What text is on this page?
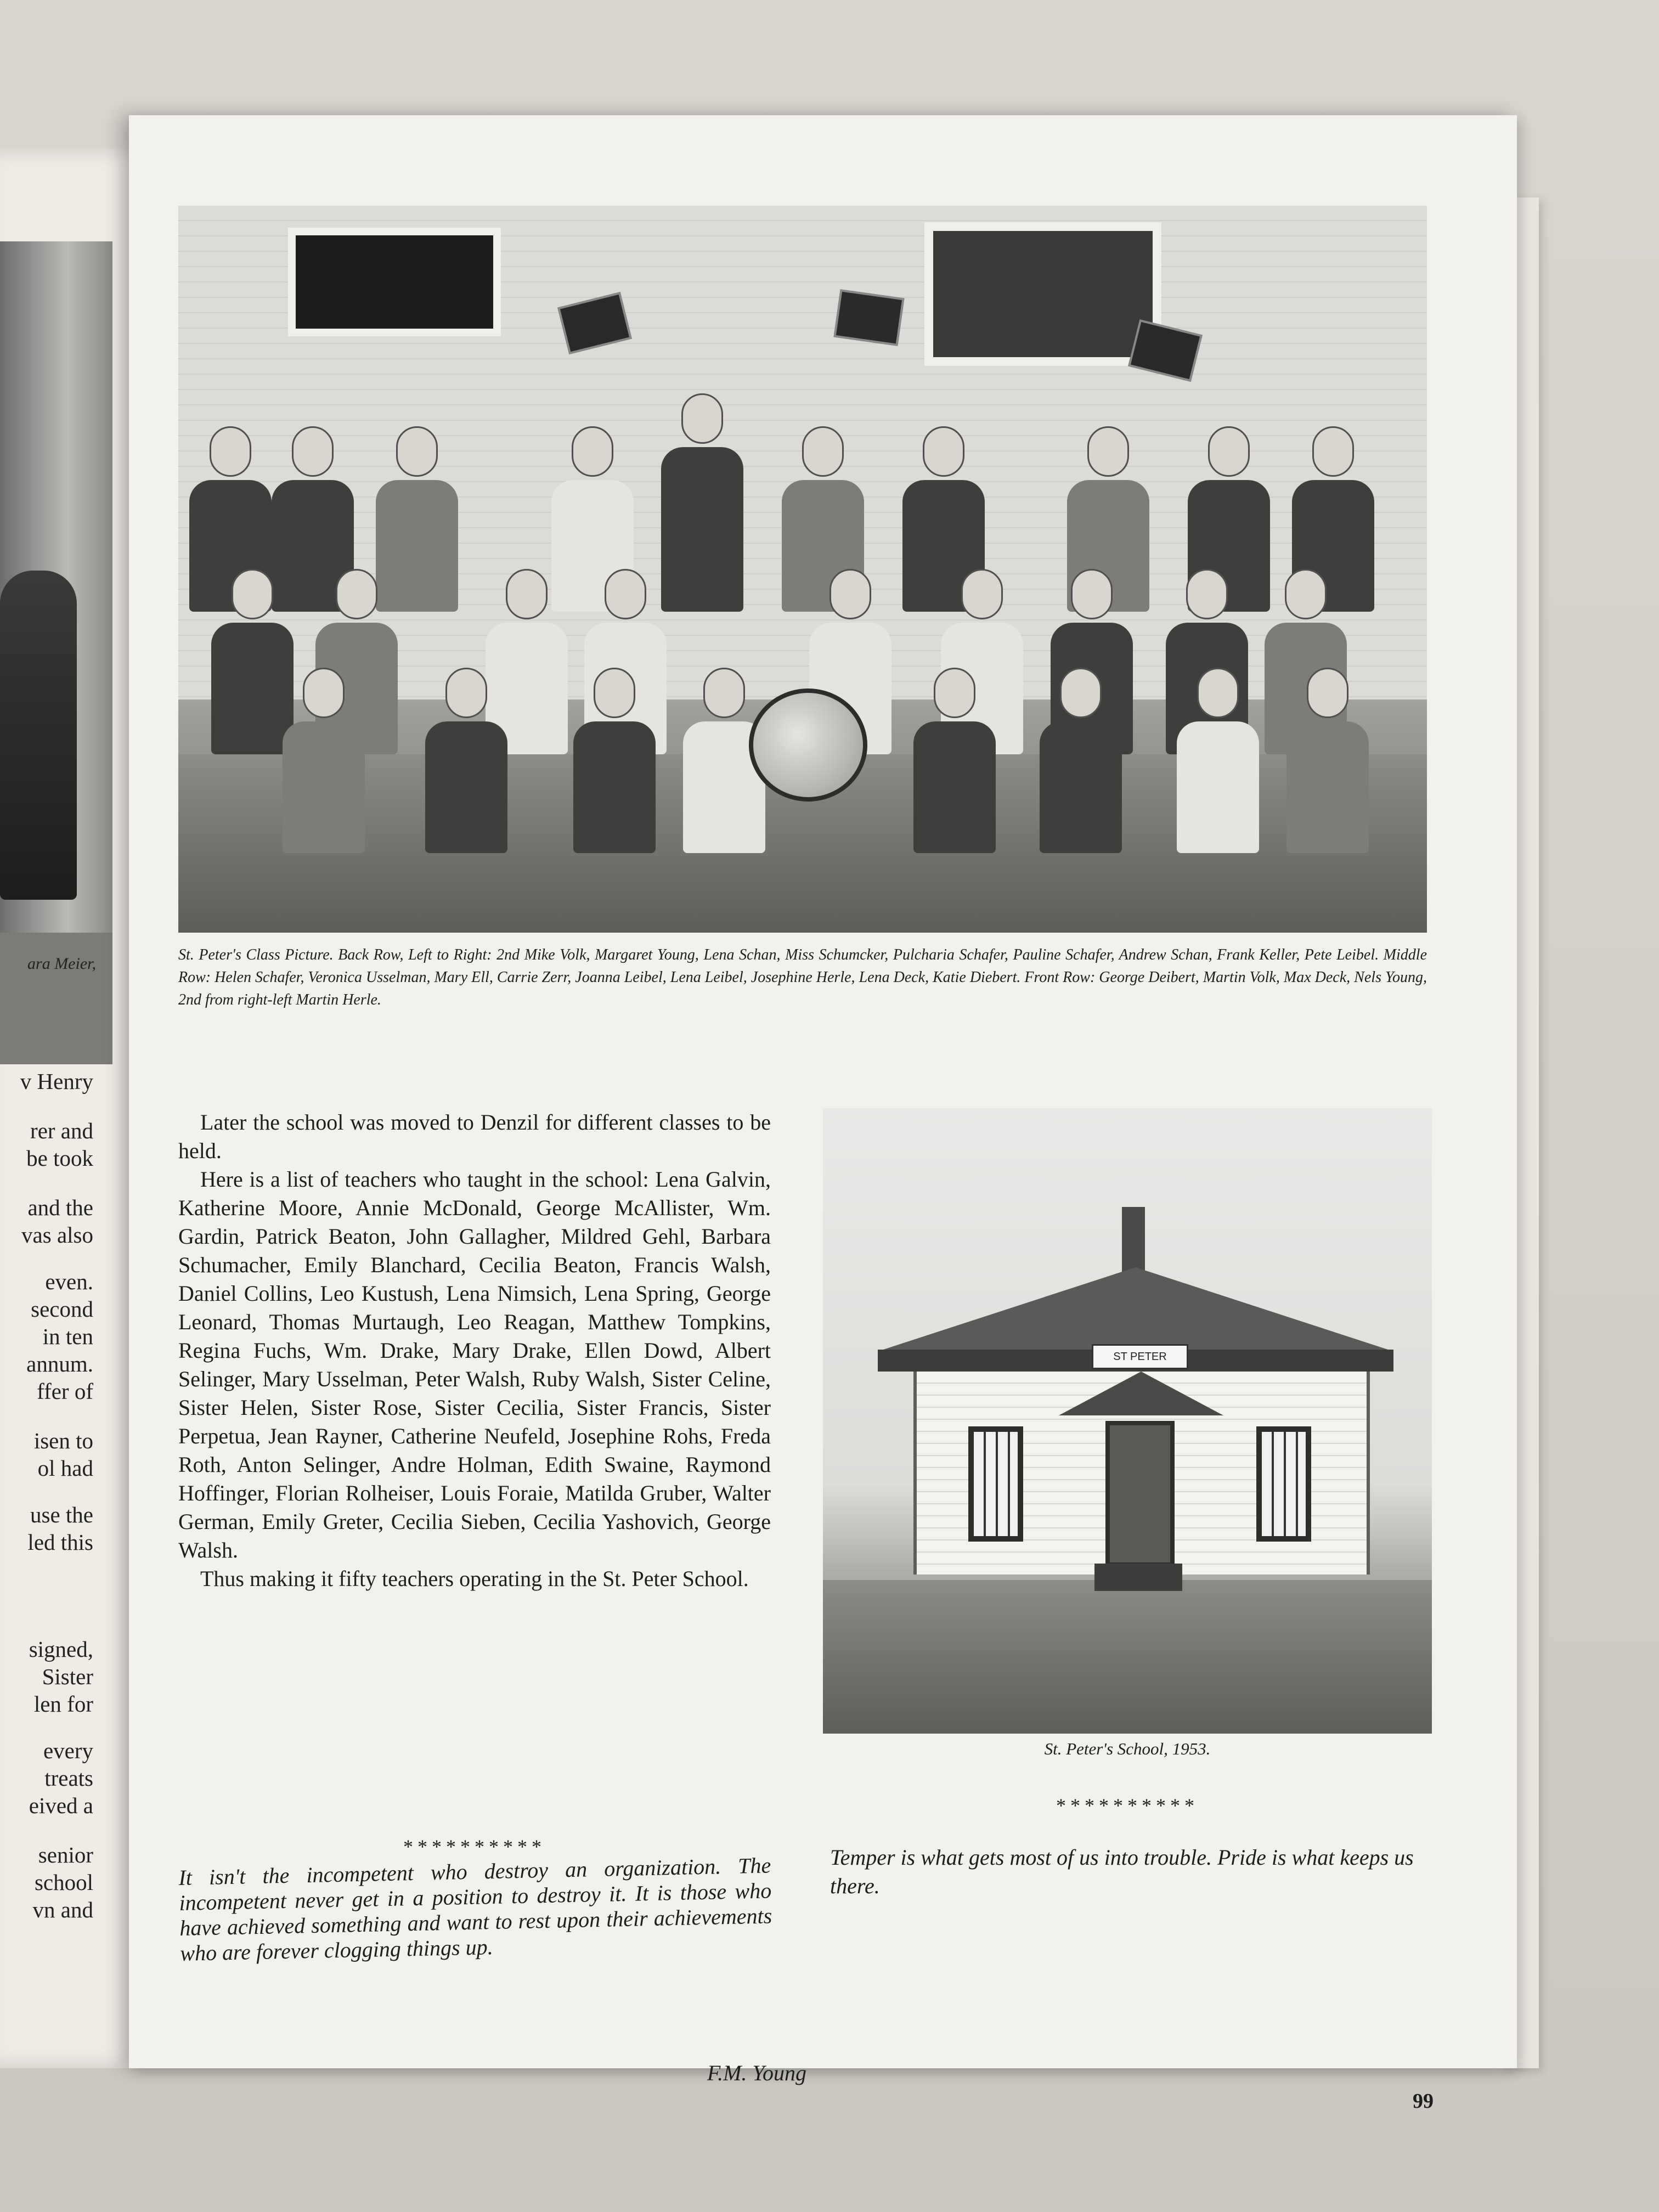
ara Meier,
v Henry
rer and
be took
and the
vas also
even.
second
in ten
annum.
ffer of
isen to
ol had
use the
led this
signed,
Sister
len for
every
treats
eived a
senior
school
vn and
St. Peter's Class Picture. Back Row, Left to Right: 2nd Mike Volk, Margaret Young, Lena Schan, Miss Schumcker, Pulcharia Schafer, Pauline Schafer, Andrew Schan, Frank Keller, Pete Leibel. Middle Row: Helen Schafer, Veronica Usselman, Mary Ell, Carrie Zerr, Joanna Leibel, Lena Leibel, Josephine Herle, Lena Deck, Katie Diebert. Front Row: George Deibert, Martin Volk, Max Deck, Nels Young, 2nd from right-left Martin Herle.

Later the school was moved to Denzil for different classes to be held.

Here is a list of teachers who taught in the school: Lena Galvin, Katherine Moore, Annie McDonald, George McAllister, Wm. Gardin, Patrick Beaton, John Gallagher, Mildred Gehl, Barbara Schumacher, Emily Blanchard, Cecilia Beaton, Francis Walsh, Daniel Collins, Leo Kustush, Lena Nimsich, Lena Spring, George Leonard, Thomas Murtaugh, Leo Reagan, Matthew Tompkins, Regina Fuchs, Wm. Drake, Mary Drake, Ellen Dowd, Albert Selinger, Mary Usselman, Peter Walsh, Ruby Walsh, Sister Celine, Sister Helen, Sister Rose, Sister Cecilia, Sister Francis, Sister Perpetua, Jean Rayner, Catherine Neufeld, Josephine Rohs, Freda Roth, Anton Selinger, Andre Holman, Edith Swaine, Raymond Hoffinger, Florian Rolheiser, Louis Foraie, Matilda Gruber, Walter German, Emily Greter, Cecilia Sieben, Cecilia Yashovich, George Walsh.

Thus making it fifty teachers operating in the St. Peter School.

**********
It isn't the incompetent who destroy an organization. The incompetent never get in a position to destroy it. It is those who have achieved something and want to rest upon their achievements who are forever clogging things up.
F.M. Young
ST PETER
St. Peter's School, 1953.
**********
Temper is what gets most of us into trouble. Pride is what keeps us there.
99
